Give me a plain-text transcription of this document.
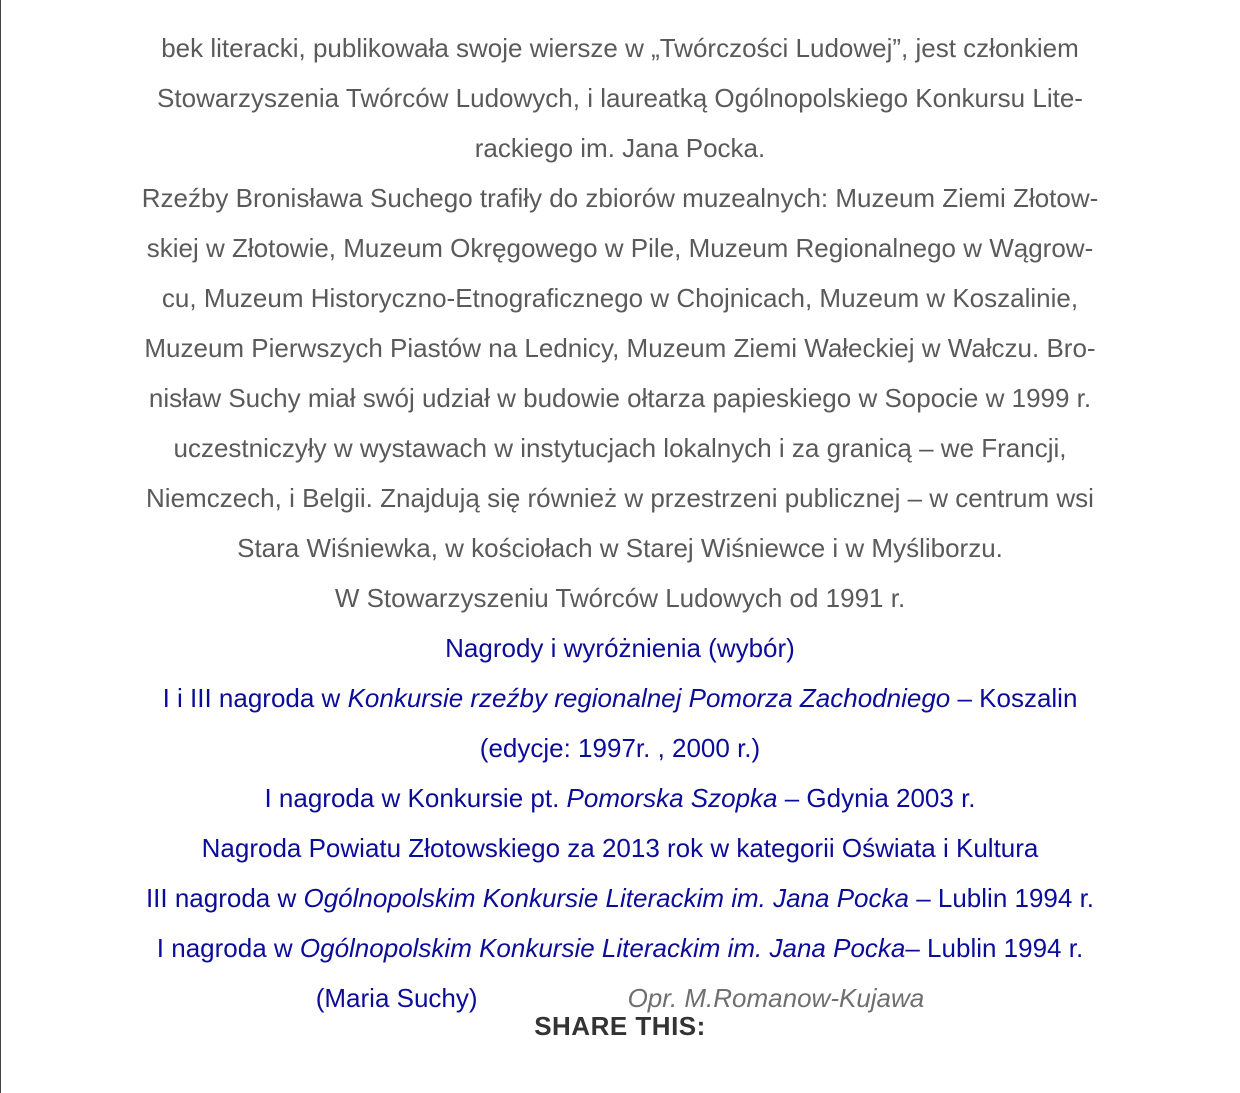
bek literacki, publikowała swoje wiersze w „Twórczości Ludowej”, jest członkiem
Stowarzyszenia Twórców Ludowych, i laureatką Ogólnopolskiego Konkursu Lite-
rackiego im. Jana Pocka.
Rzeźby Bronisława Suchego trafiły do zbiorów muzealnych: Muzeum Ziemi Złotow-
skiej w Złotowie, Muzeum Okręgowego w Pile, Muzeum Regionalnego w Wągrow-
cu, Muzeum Historyczno-Etnograficznego w Chojnicach, Muzeum w Koszalinie,
Muzeum Pierwszych Piastów na Lednicy, Muzeum Ziemi Wałeckiej w Wałczu. Bro-
nisław Suchy miał swój udział w budowie ołtarza papieskiego w Sopocie w 1999 r.
uczestniczyły w wystawach w instytucjach lokalnych i za granicą – we Francji,
Niemczech, i Belgii. Znajdują się również w przestrzeni publicznej – w centrum wsi
Stara Wiśniewka, w kościołach w Starej Wiśniewce i w Myśliborzu.
W Stowarzyszeniu Twórców Ludowych od 1991 r.
Nagrody i wyróżnienia (wybór)
I i III nagroda w Konkursie rzeźby regionalnej Pomorza Zachodniego – Koszalin
(edycje: 1997r. , 2000 r.)
I nagroda w Konkursie pt. Pomorska Szopka – Gdynia 2003 r.
Nagroda Powiatu Złotowskiego za 2013 rok w kategorii Oświata i Kultura
III nagroda w Ogólnopolskim Konkursie Literackim im. Jana Pocka – Lublin 1994 r.
I nagroda w Ogólnopolskim Konkursie Literackim im. Jana Pocka– Lublin 1994 r.
(Maria Suchy)	Opr. M.Romanow-Kujawa
SHARE THIS:
